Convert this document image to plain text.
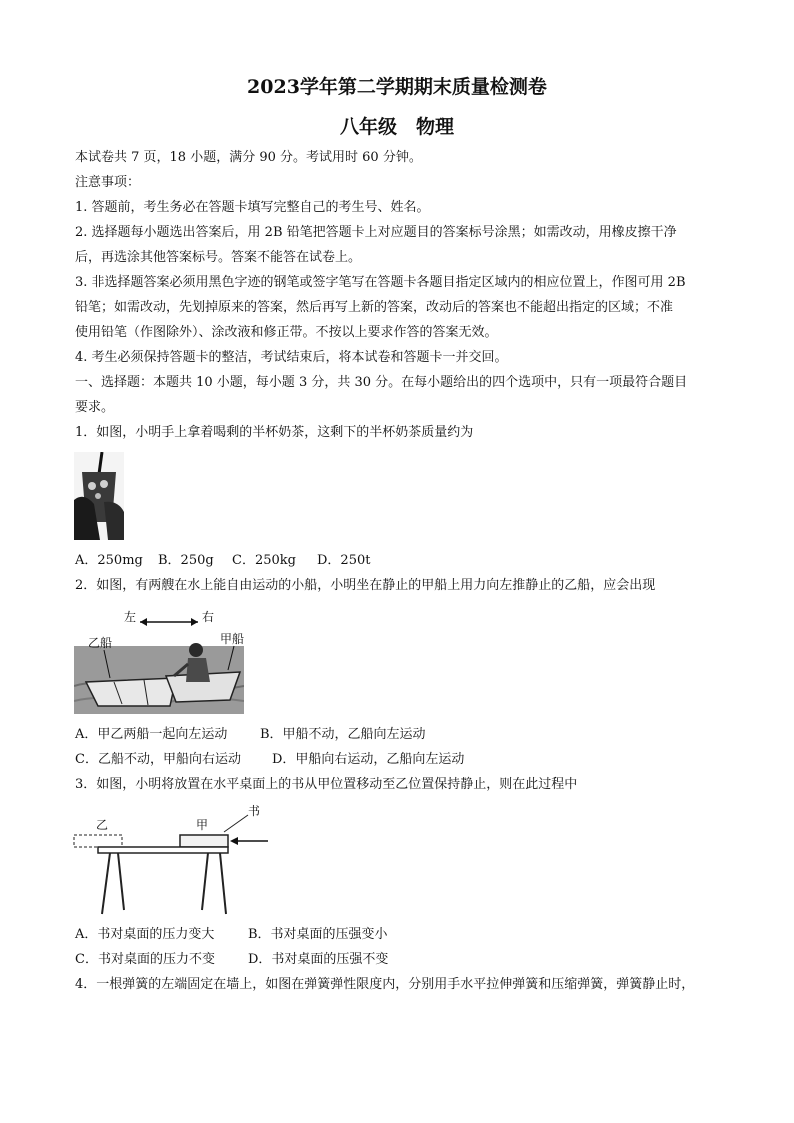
2023学年第二学期期末质量检测卷
八年级　物理
本试卷共 7 页，18 小题，满分 90 分。考试用时 60 分钟。
注意事项：
1. 答题前，考生务必在答题卡填写完整自己的考生号、姓名。
2. 选择题每小题选出答案后，用 2B 铅笔把答题卡上对应题目的答案标号涂黑；如需改动，用橡皮擦干净
后，再选涂其他答案标号。答案不能答在试卷上。
3. 非选择题答案必须用黑色字迹的钢笔或签字笔写在答题卡各题目指定区域内的相应位置上，作图可用 2B
铅笔；如需改动，先划掉原来的答案，然后再写上新的答案，改动后的答案也不能超出指定的区域；不准
使用铅笔（作图除外）、涂改液和修正带。不按以上要求作答的答案无效。
4. 考生必须保持答题卡的整洁，考试结束后，将本试卷和答题卡一并交回。
一、选择题：本题共 10 小题，每小题 3 分，共 30 分。在每小题给出的四个选项中，只有一项最符合题目
要求。
1．如图，小明手上拿着喝剩的半杯奶茶，这剩下的半杯奶茶质量约为
A．250mg B．250g C．250kg D．250t
2．如图，有两艘在水上能自由运动的小船，小明坐在静止的甲船上用力向左推静止的乙船，应会出现
左	右
乙船	甲船
A．甲乙两船一起向左运动	B．甲船不动，乙船向左运动
C．乙船不动，甲船向右运动 D．甲船向右运动，乙船向左运动
3．如图，小明将放置在水平桌面上的书从甲位置移动至乙位置保持静止，则在此过程中
乙	甲
书
A．书对桌面的压力变大	B．书对桌面的压强变小
C．书对桌面的压力不变	D．书对桌面的压强不变
4．一根弹簧的左端固定在墙上，如图在弹簧弹性限度内，分别用手水平拉伸弹簧和压缩弹簧，弹簧静止时，
